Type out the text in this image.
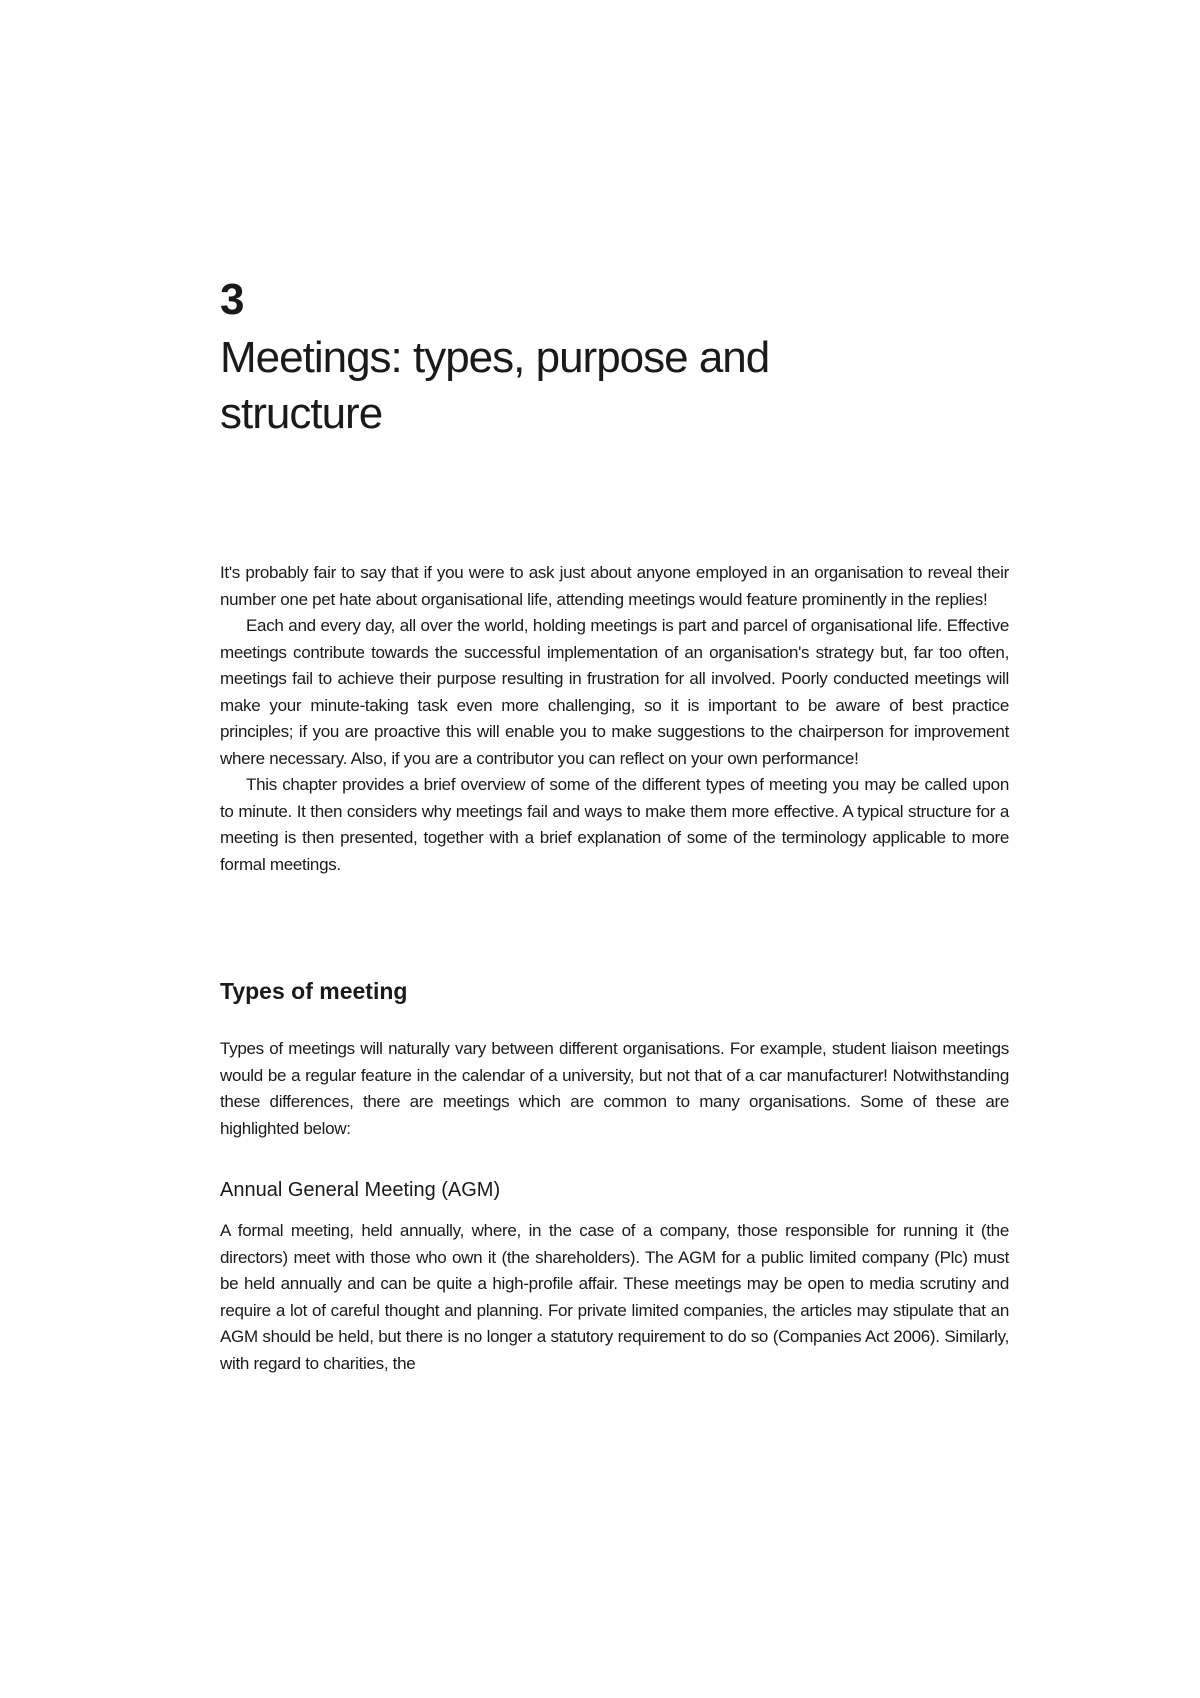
3
Meetings: types, purpose and structure

It's probably fair to say that if you were to ask just about anyone employed in an organisation to reveal their number one pet hate about organisational life, attending meetings would feature prominently in the replies!

Each and every day, all over the world, holding meetings is part and parcel of organisational life. Effective meetings contribute towards the successful implementation of an organisation's strategy but, far too often, meetings fail to achieve their purpose resulting in frustration for all involved. Poorly conducted meetings will make your minute-taking task even more challenging, so it is important to be aware of best practice principles; if you are proactive this will enable you to make suggestions to the chairperson for improvement where necessary. Also, if you are a contributor you can reflect on your own performance!

This chapter provides a brief overview of some of the different types of meeting you may be called upon to minute. It then considers why meetings fail and ways to make them more effective. A typical structure for a meeting is then presented, together with a brief explanation of some of the terminology applicable to more formal meetings.

Types of meeting

Types of meetings will naturally vary between different organisations. For example, student liaison meetings would be a regular feature in the calendar of a university, but not that of a car manufacturer! Notwithstanding these differences, there are meetings which are common to many organisations. Some of these are highlighted below:

Annual General Meeting (AGM)

A formal meeting, held annually, where, in the case of a company, those responsible for running it (the directors) meet with those who own it (the shareholders). The AGM for a public limited company (Plc) must be held annually and can be quite a high-profile affair. These meetings may be open to media scrutiny and require a lot of careful thought and planning. For private limited companies, the articles may stipulate that an AGM should be held, but there is no longer a statutory requirement to do so (Companies Act 2006). Similarly, with regard to charities, the
